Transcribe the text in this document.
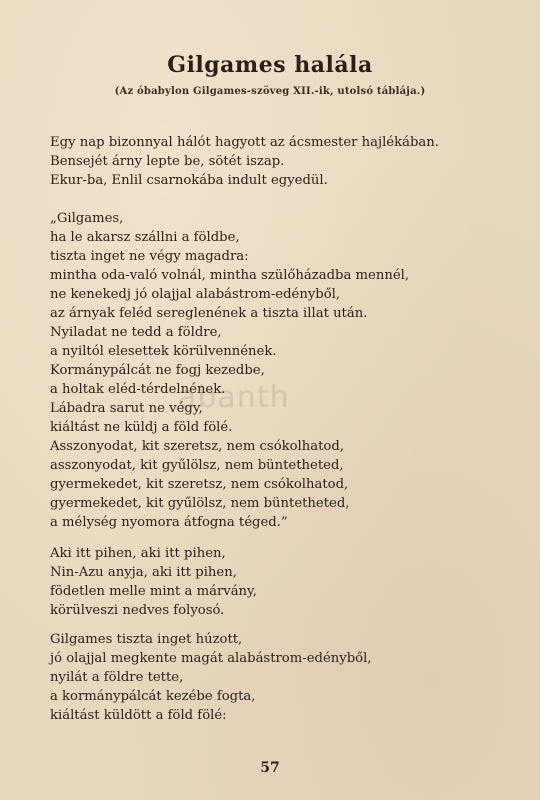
Gilgames halála
(Az óbabylon Gilgames-szöveg XII.-ik, utolsó táblája.)
Egy nap bizonnyal hálót hagyott az ácsmester hajlékában.
Bensejét árny lepte be, sötét iszap.
Ekur-ba, Enlil csarnokába indult egyedül.
„Gilgames,
ha le akarsz szállni a földbe,
tiszta inget ne végy magadra:
mintha oda-való volnál, mintha szülőházadba mennél,
ne kenekedj jó olajjal alabástrom-edényből,
az árnyak feléd sereglenének a tiszta illat után.
Nyiladat ne tedd a földre,
a nyiltól elesettek körülvennének.
Kormánypálcát ne fogj kezedbe,
a holtak eléd-térdelnének.
Lábadra sarut ne végy,
kiáltást ne küldj a föld fölé.
Asszonyodat, kit szeretsz, nem csókolhatod,
asszonyodat, kit gyűlölsz, nem büntetheted,
gyermekedet, kit szeretsz, nem csókolhatod,
gyermekedet, kit gyűlölsz, nem büntetheted,
a mélység nyomora átfogna téged.”
Aki itt pihen, aki itt pihen,
Nin-Azu anyja, aki itt pihen,
födetlen melle mint a márvány,
körülveszi nedves folyosó.
Gilgames tiszta inget húzott,
jó olajjal megkente magát alabástrom-edényből,
nyilát a földre tette,
a kormánypálcát kezébe fogta,
kiáltást küldött a föld fölé:
abanth
57
